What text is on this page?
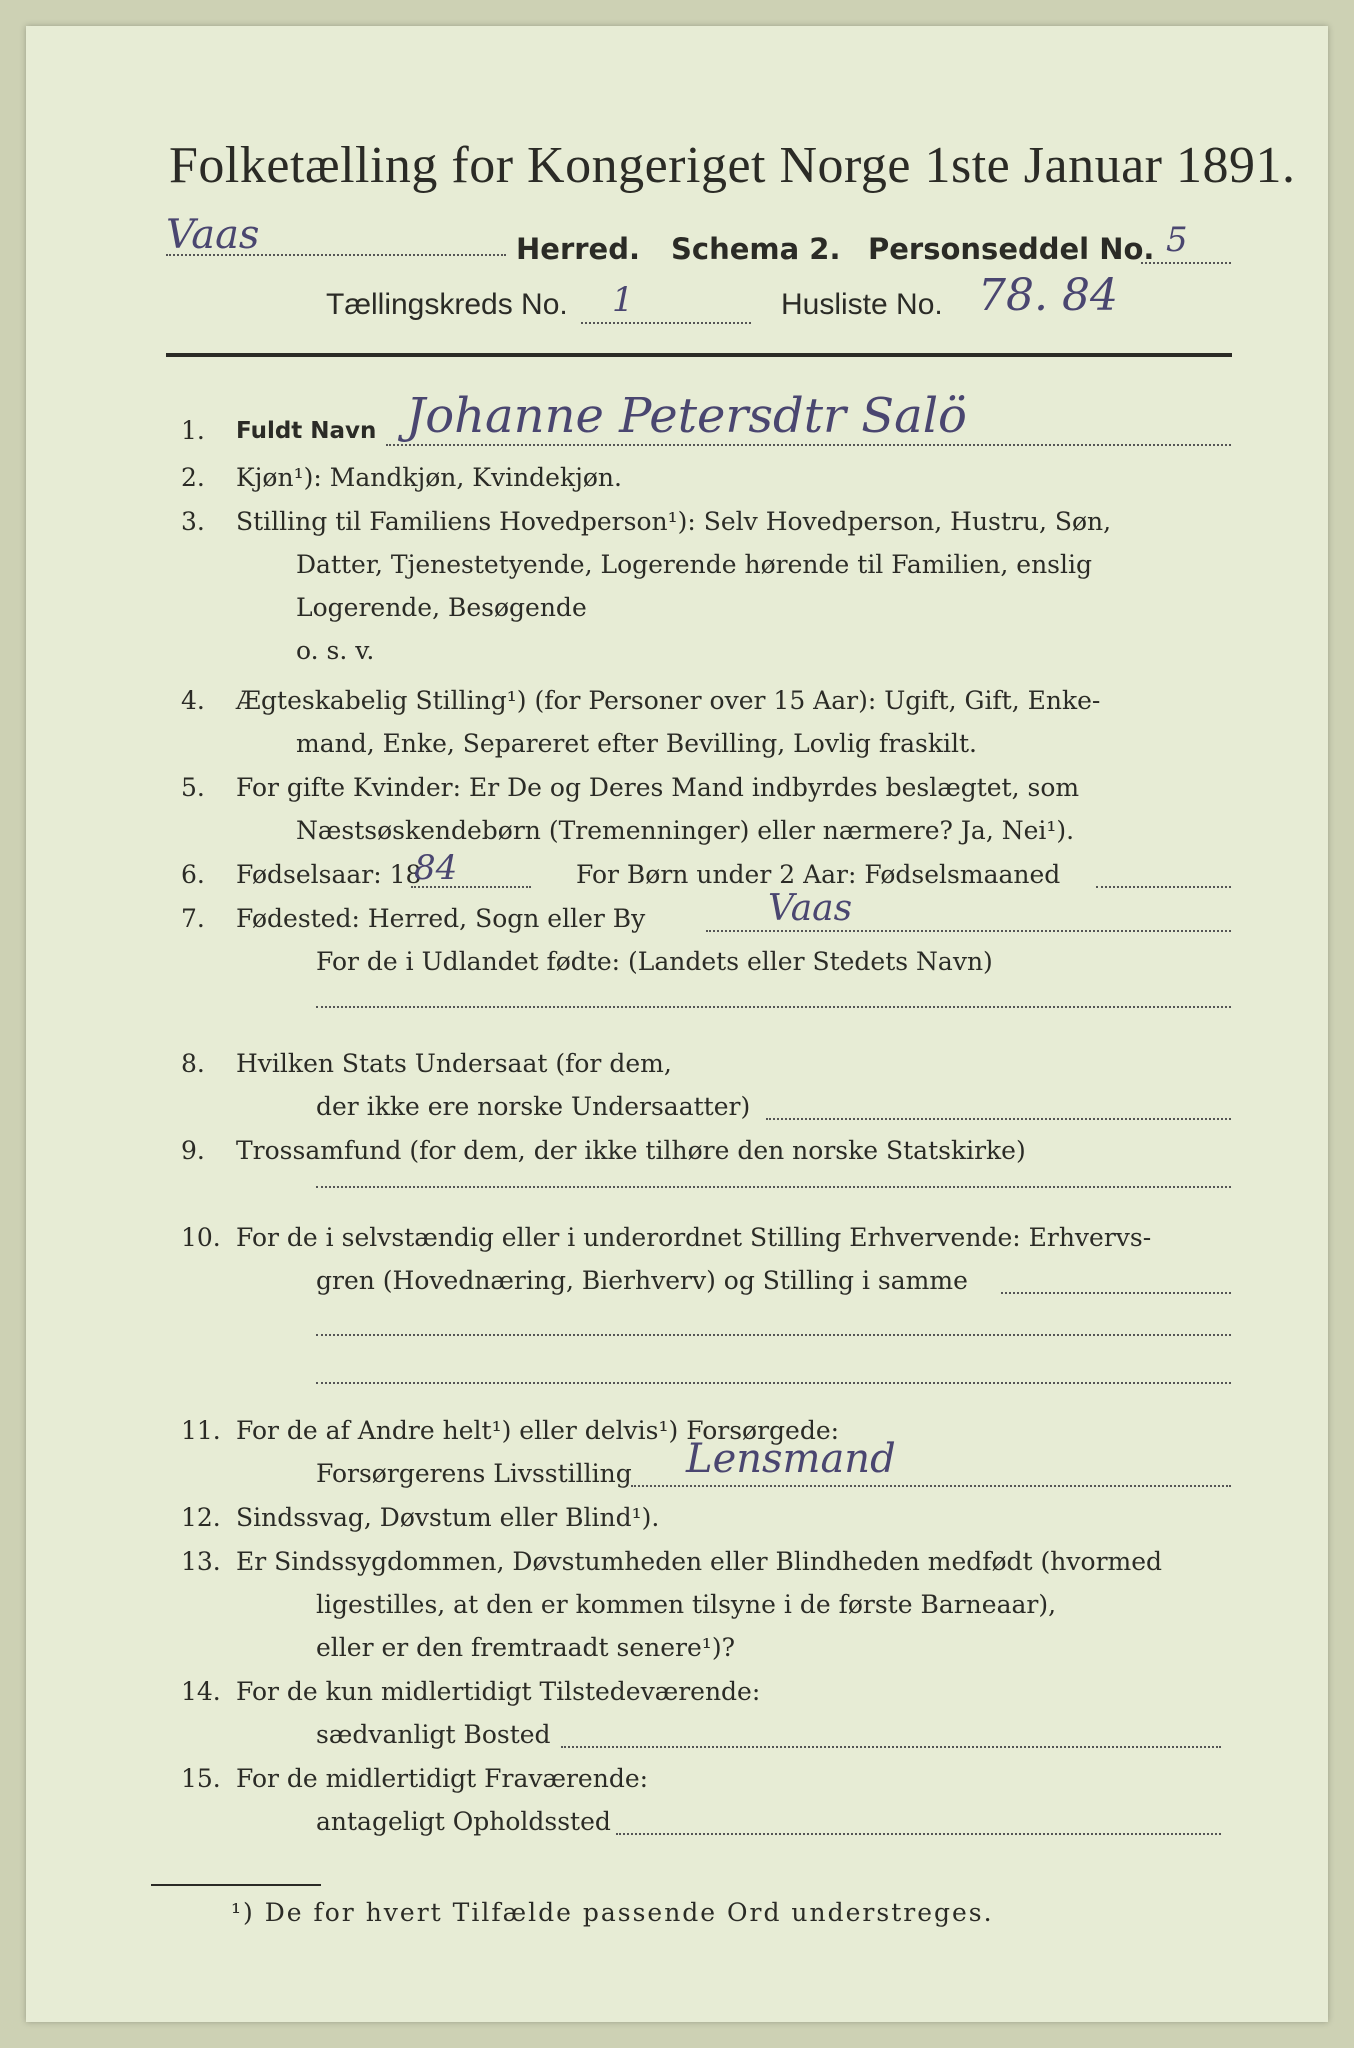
Folketælling for Kongeriget Norge 1ste Januar 1891.
Vaas	Herred. Schema 2. Personseddel No. 5
Tællingskreds No. 1	Husliste No. 78. 84
1. Fuldt Navn Johanne Petersdtr Salö
2. Kjøn¹): Mandkjøn, Kvindekjøn.
3. Stilling til Familiens Hovedperson¹): Selv Hovedperson, Hustru, Søn,
Datter, Tjenestetyende, Logerende hørende til Familien, enslig
Logerende, Besøgende
o. s. v.
4. Ægteskabelig Stilling¹) (for Personer over 15 Aar): Ugift, Gift, Enke-
mand, Enke, Separeret efter Bevilling, Lovlig fraskilt.
5. For gifte Kvinder: Er De og Deres Mand indbyrdes beslægtet, som
Næstsøskendebørn (Tremenninger) eller nærmere? Ja, Nei¹).
6. Fødselsaar: 18
84	For Børn under 2 Aar: Fødselsmaaned
7. Fødested: Herred, Sogn eller By	Vaas
For de i Udlandet fødte: (Landets eller Stedets Navn)
8. Hvilken Stats Undersaat (for dem,
der ikke ere norske Undersaatter)
9. Trossamfund (for dem, der ikke tilhøre den norske Statskirke)
10. For de i selvstændig eller i underordnet Stilling Erhvervende: Erhvervs-
gren (Hovednæring, Bierhverv) og Stilling i samme
11. For de af Andre helt¹) eller delvis¹) Forsørgede:
Forsørgerens Livsstilling Lensmand
12. Sindssvag, Døvstum eller Blind¹).
13. Er Sindssygdommen, Døvstumheden eller Blindheden medfødt (hvormed
ligestilles, at den er kommen tilsyne i de første Barneaar),
eller er den fremtraadt senere¹)?
14. For de kun midlertidigt Tilstedeværende:
sædvanligt Bosted
15. For de midlertidigt Fraværende:
antageligt Opholdssted
¹) De for hvert Tilfælde passende Ord understreges.
